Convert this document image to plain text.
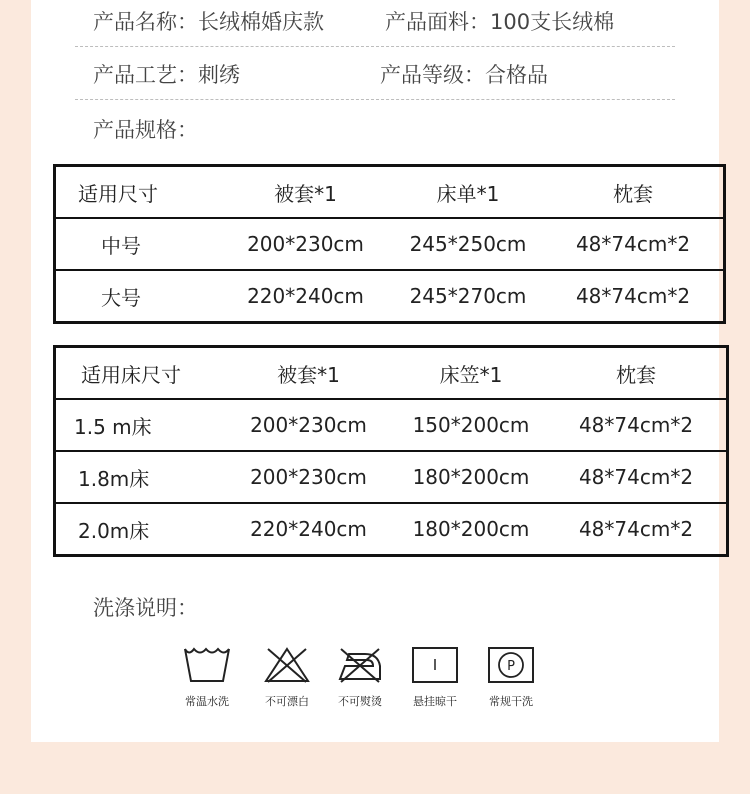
产品名称：长绒棉婚庆款	产品面料：100支长绒棉
产品工艺：刺绣	产品等级：合格品
产品规格：
适用尺寸	被套*1	床单*1	枕套
中号	200*230cm	245*250cm	48*74cm*2
大号	220*240cm	245*270cm	48*74cm*2
适用床尺寸	被套*1	床笠*1	枕套
1.5 m床	200*230cm	150*200cm	48*74cm*2
1.8m床	200*230cm	180*200cm	48*74cm*2
2.0m床	220*240cm	180*200cm	48*74cm*2
洗涤说明：
常温水洗	不可漂白	不可熨烫	悬挂晾干
P
常规干洗
